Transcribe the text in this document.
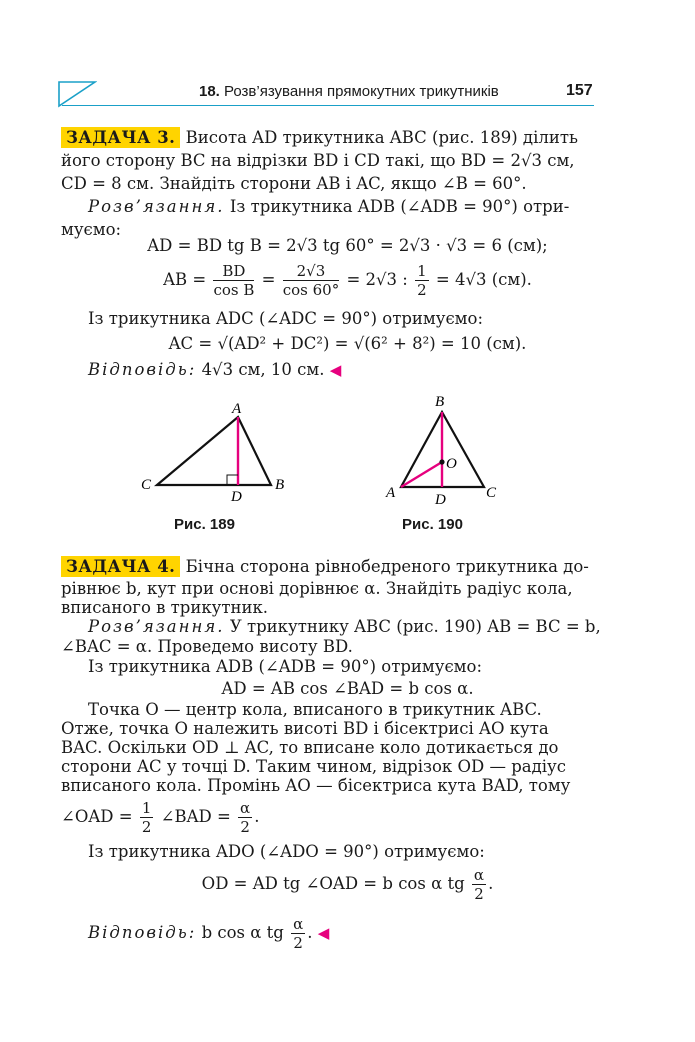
18. Розв’язування прямокутних трикутників	157
ЗАДАЧА 3. Висота AD трикутника ABC (рис. 189) ділить
його сторону BC на відрізки BD і CD такі, що BD = 2√3 см,
CD = 8 см. Знайдіть сторони AB і AC, якщо ∠B = 60°.
Розв’язання. Із трикутника ADB (∠ADB = 90°) отри-
муємо:
AD = BD tg B = 2√3 tg 60° = 2√3 · √3 = 6 (см);
AB = $\frac{BD}{\text{cos B}} = \frac{2√3}{\cos 60^\circ} = 2√3$ : $\frac{1}{2} = 4√3$ (см).
Із трикутника ADC (∠ADC = 90°) отримуємо:
AC = √(AD² + DC²) = √(6² + 8²) = 10 (см).
Відповідь: 4√3 см, 10 см. ◀
A
B
C
D
Рис. 189
B
A	C
D
O
Рис. 190
ЗАДАЧА 4. Бічна сторона рівнобедреного трикутника до-
рівнює b, кут при основі дорівнює α. Знайдіть радіус кола,
вписаного в трикутник.
Розв’язання. У трикутнику ABC (рис. 190) AB = BC = b,
∠BAC = α. Проведемо висоту BD.
Із трикутника ADB (∠ADB = 90°) отримуємо:
AD = AB cos ∠BAD = b cos α.
Точка O — центр кола, вписаного в трикутник ABC.
Отже, точка O належить висоті BD і бісектрисі AO кута
BAC. Оскільки OD ⊥ AC, то вписане коло дотикається до
сторони AC у точці D. Таким чином, відрізок OD — радіус
вписаного кола. Промінь AO — бісектриса кута BAD, тому
∠OAD = $\frac{1}{2}$ ∠BAD = $\frac{\alpha}{2}$ .
Із трикутника ADO (∠ADO = 90°) отримуємо:
OD = AD tg ∠OAD = b cos α tg $\frac{\alpha}{2}$ .
Відповідь: b cos α tg $\frac{\alpha}{2}$ . ◀
